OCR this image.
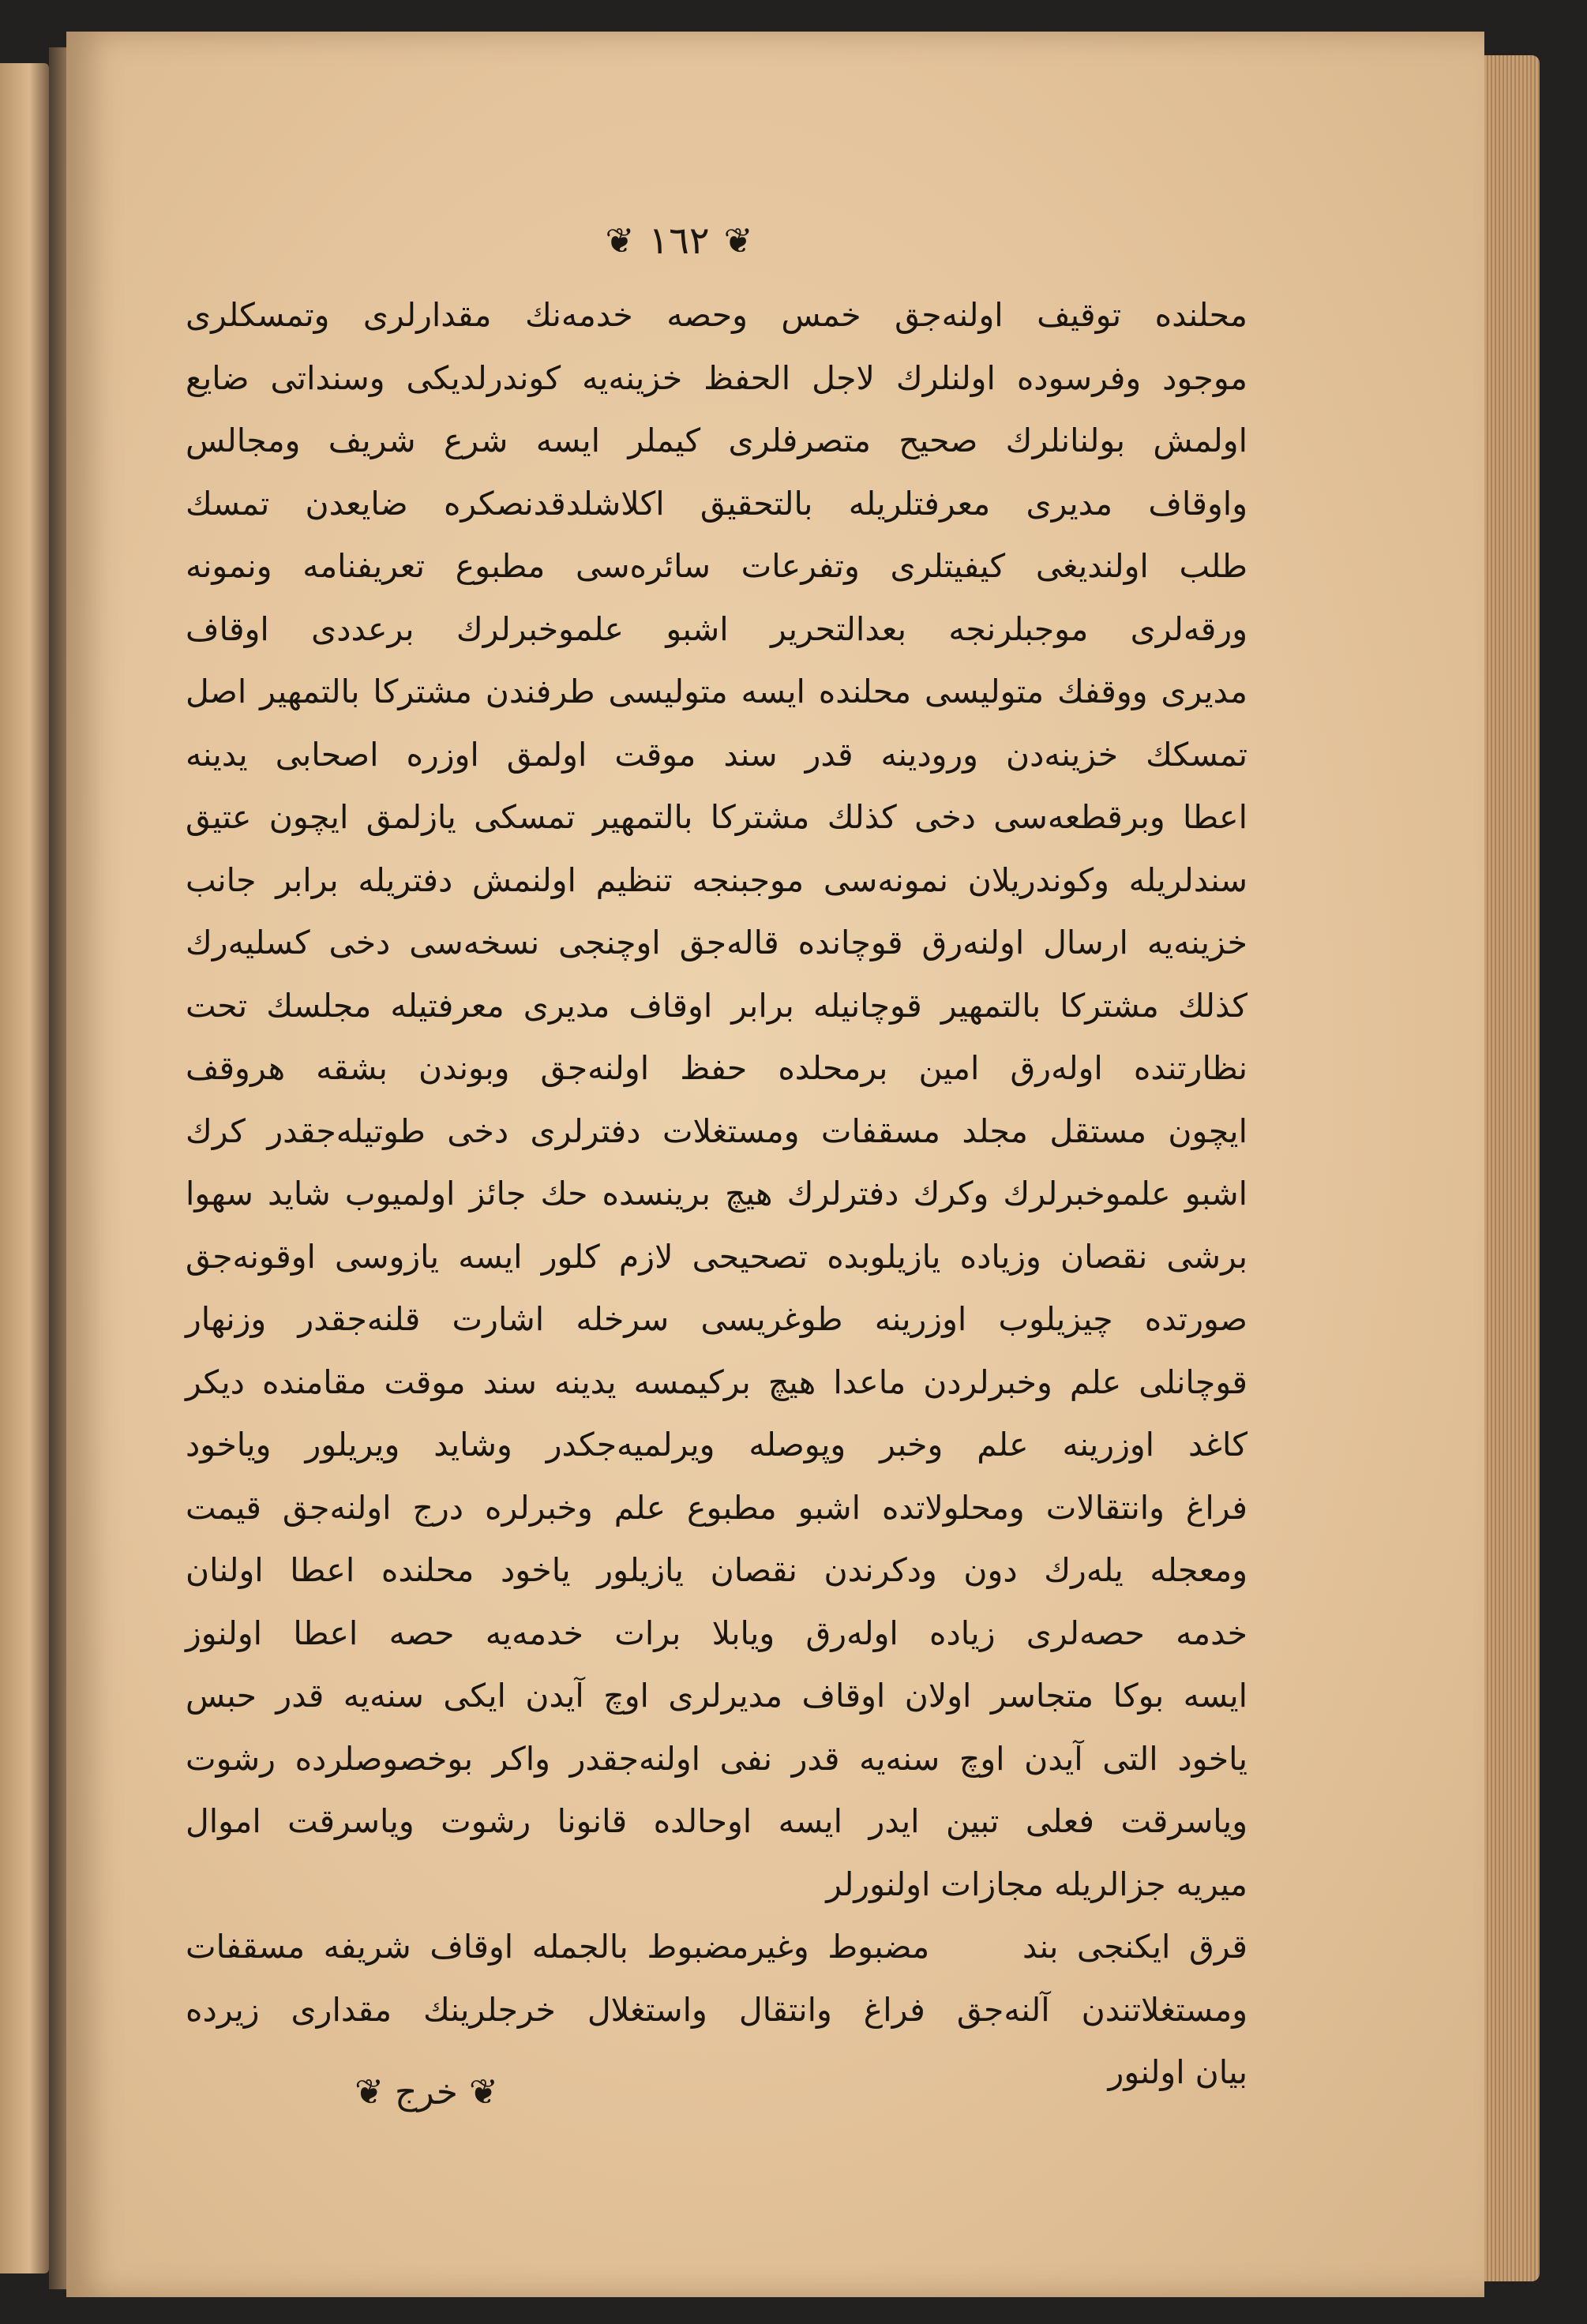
❦ ١٦٢ ❦
محلنده توقیف اولنه‌جق خمس وحصه خدمه‌نك مقدارلری وتمسكلری
موجود وفرسوده اولنلرك لاجل الحفظ خزینه‌یه كوندرلدیكی وسنداتی ضایع
اولمش بولنانلرك صحیح متصرفلری كیملر ایسه شرع شریف ومجالس
واوقاف مدیری معرفتلریله بالتحقیق اكلاشلدقدنصكره ضایعدن تمسك
طلب اولندیغی كیفیتلری وتفرعات سائره‌سی مطبوع تعریفنامه ونمونه
ورقه‌لری موجبلرنجه بعدالتحریر اشبو علموخبرلرك برعددی اوقاف
مدیری ووقفك متولیسی محلنده ایسه متولیسی طرفندن مشتركا بالتمهیر اصل
تمسكك خزینه‌دن ورودینه قدر سند موقت اولمق اوزره اصحابی یدینه
اعطا وبرقطعه‌سی دخی كذلك مشتركا بالتمهیر تمسكی یازلمق ایچون عتیق
سندلریله وكوندریلان نمونه‌سی موجبنجه تنظیم اولنمش دفتریله برابر جانب
خزینه‌یه ارسال اولنه‌رق قوچانده قاله‌جق اوچنجی نسخه‌سی دخی كسلیه‌رك
كذلك مشتركا بالتمهیر قوچانیله برابر اوقاف مدیری معرفتیله مجلسك تحت
نظارتنده اوله‌رق امین برمحلده حفظ اولنه‌جق وبوندن بشقه هروقف
ایچون مستقل مجلد مسقفات ومستغلات دفترلری دخی طوتیله‌جقدر كرك
اشبو علموخبرلرك وكرك دفترلرك هیچ برینسده حك جائز اولمیوب شاید سهوا
برشی نقصان وزیاده یازیلوبده تصحیحی لازم كلور ایسه یازوسی اوقونه‌جق
صورتده چیزیلوب اوزرینه طوغریسی سرخله اشارت قلنه‌جقدر وزنهار
قوچانلی علم وخبرلردن ماعدا هیچ بركیمسه یدینه سند موقت مقامنده دیكر
كاغد اوزرینه علم وخبر وپوصله ویرلمیه‌جكدر وشاید ویریلور ویاخود
فراغ وانتقالات ومحلولاتده اشبو مطبوع علم وخبرلره درج اولنه‌جق قیمت
ومعجله یله‌رك دون ودكرندن نقصان یازیلور یاخود محلنده اعطا اولنان
خدمه حصه‌لری زیاده اوله‌رق ویابلا برات خدمه‌یه حصه اعطا اولنوز
ایسه بوكا متجاسر اولان اوقاف مدیرلری اوچ آیدن ایكی سنه‌یه قدر حبس
یاخود التی آیدن اوچ سنه‌یه قدر نفی اولنه‌جقدر واكر بوخصوصلرده رشوت
وياسرقت فعلی تبین ایدر ایسه اوحالده قانونا رشوت ویاسرقت اموال
میریه جزالریله مجازات اولنورلر
قرق ایكنجی بند     مضبوط وغیرمضبوط بالجمله اوقاف شریفه مسقفات
ومستغلاتندن آلنه‌جق فراغ وانتقال واستغلال خرجلرینك مقداری زیرده
بیان اولنور
❦ خرج ❦
